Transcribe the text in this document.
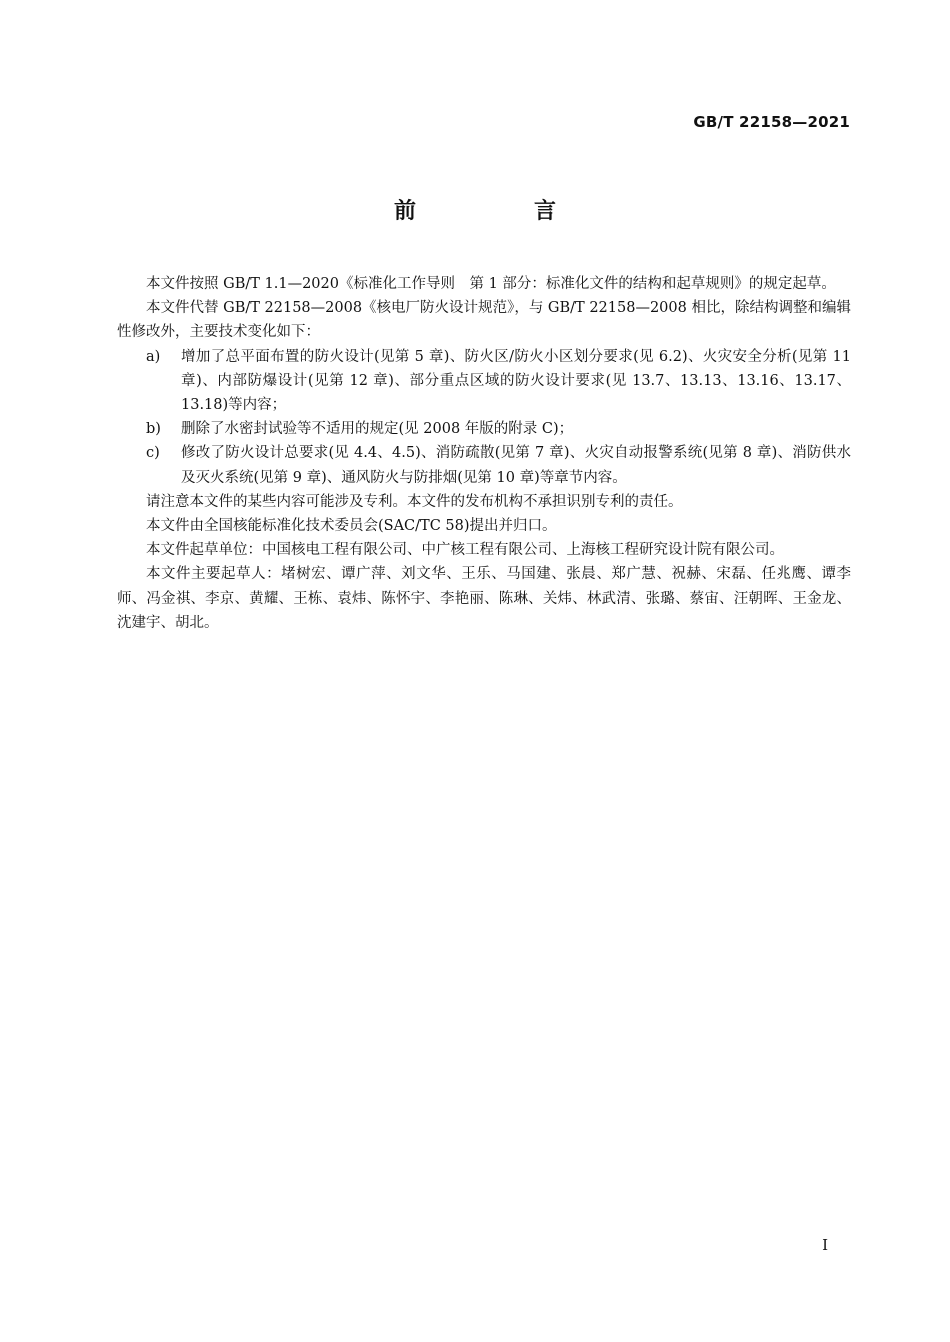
GB/T 22158—2021
前　言

本文件按照 GB/T 1.1—2020《标准化工作导则　第 1 部分：标准化文件的结构和起草规则》的规定起草。

本文件代替 GB/T 22158—2008《核电厂防火设计规范》，与 GB/T 22158—2008 相比，除结构调整和编辑性修改外，主要技术变化如下：

a) 增加了总平面布置的防火设计(见第 5 章)、防火区/防火小区划分要求(见 6.2)、火灾安全分析(见第 11 章)、内部防爆设计(见第 12 章)、部分重点区域的防火设计要求(见 13.7、13.13、13.16、13.17、13.18)等内容；
b) 删除了水密封试验等不适用的规定(见 2008 年版的附录 C)；
c) 修改了防火设计总要求(见 4.4、4.5)、消防疏散(见第 7 章)、火灾自动报警系统(见第 8 章)、消防供水及灭火系统(见第 9 章)、通风防火与防排烟(见第 10 章)等章节内容。

请注意本文件的某些内容可能涉及专利。本文件的发布机构不承担识别专利的责任。

本文件由全国核能标准化技术委员会(SAC/TC 58)提出并归口。

本文件起草单位：中国核电工程有限公司、中广核工程有限公司、上海核工程研究设计院有限公司。

本文件主要起草人：堵树宏、谭广萍、刘文华、王乐、马国建、张晨、郑广慧、祝赫、宋磊、任兆鹰、谭李师、冯金祺、李京、黄耀、王栋、袁炜、陈怀宇、李艳丽、陈琳、关炜、林武清、张璐、蔡宙、汪朝晖、王金龙、沈建宇、胡北。

I
